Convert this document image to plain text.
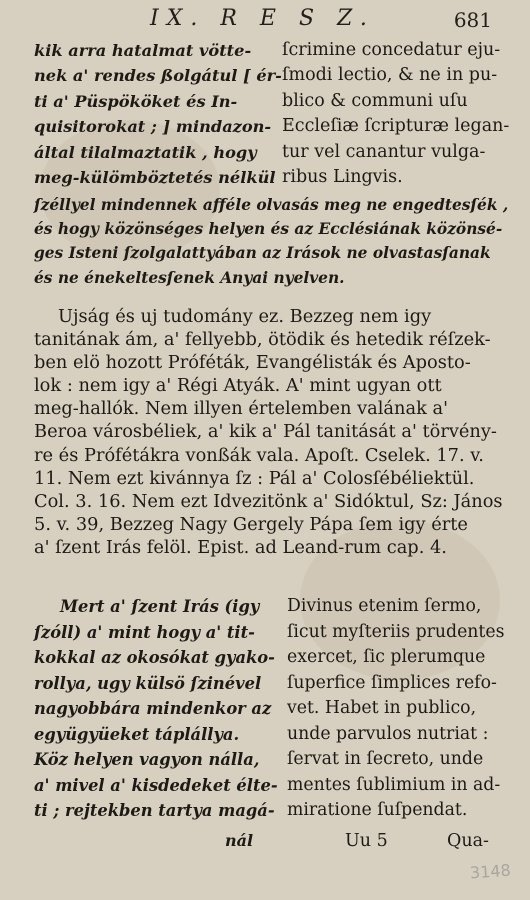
IX. R E S Z.	681
kik arra hatalmat vötte-
nek a' rendes ßolgátul [ ér-
ti a' Püspököket és In-
quisitorokat ; ] mindazon-
által tilalmaztatik , hogy
meg-külömböztetés nélkül
ſcrimine concedatur eju-
ſmodi lectio, & ne in pu-
blico & communi uſu
Eccleſiæ ſcripturæ legan-
tur vel canantur vulga-
ribus Lingvis.
ſzéllyel mindennek afféle olvasás meg ne engedtesſék ,
és hogy közönséges helyen és az Ecclésiának közönsé-
ges Isteni ſzolgalattyában az Irások ne olvastasſanak
és ne énekeltesſenek Anyai nyelven.
Ujság és uj tudomány ez. Bezzeg nem igy
tanitának ám, a' fellyebb, ötödik és hetedik réſzek-
ben elö hozott Próféták, Evangélisták és Aposto-
lok : nem igy a' Régi Atyák. A' mint ugyan ott
meg-hallók. Nem illyen értelemben valának a'
Beroa városbéliek, a' kik a' Pál tanitását a' törvény-
re és Prófétákra vonßák vala. Apoſt. Cselek. 17. v.
11. Nem ezt kivánnya ſz : Pál a' Colosſébéliektül.
Col. 3. 16. Nem ezt Idvezitönk a' Sidóktul, Sz: János
5. v. 39, Bezzeg Nagy Gergely Pápa ſem igy érte
a' ſzent Irás felöl. Epist. ad Leand-rum cap. 4.
Mert a' ſzent Irás (igy
ſzóll) a' mint hogy a' tit-
kokkal az okosókat gyako-
rollya, ugy külsö ſzinével
nagyobbára mindenkor az
együgyüeket táplállya.
Köz helyen vagyon nálla,
a' mivel a' kisdedeket élte-
ti ; rejtekben tartya magá-
Divinus etenim ſermo,
ſicut myſteriis prudentes
exercet, ſic plerumque
ſuperfice ſimplices refo-
vet. Habet in publico,
unde parvulos nutriat :
ſervat in ſecreto, unde
mentes ſublimium in ad-
miratione ſuſpendat.
nál	Uu 5	Qua-
3148
